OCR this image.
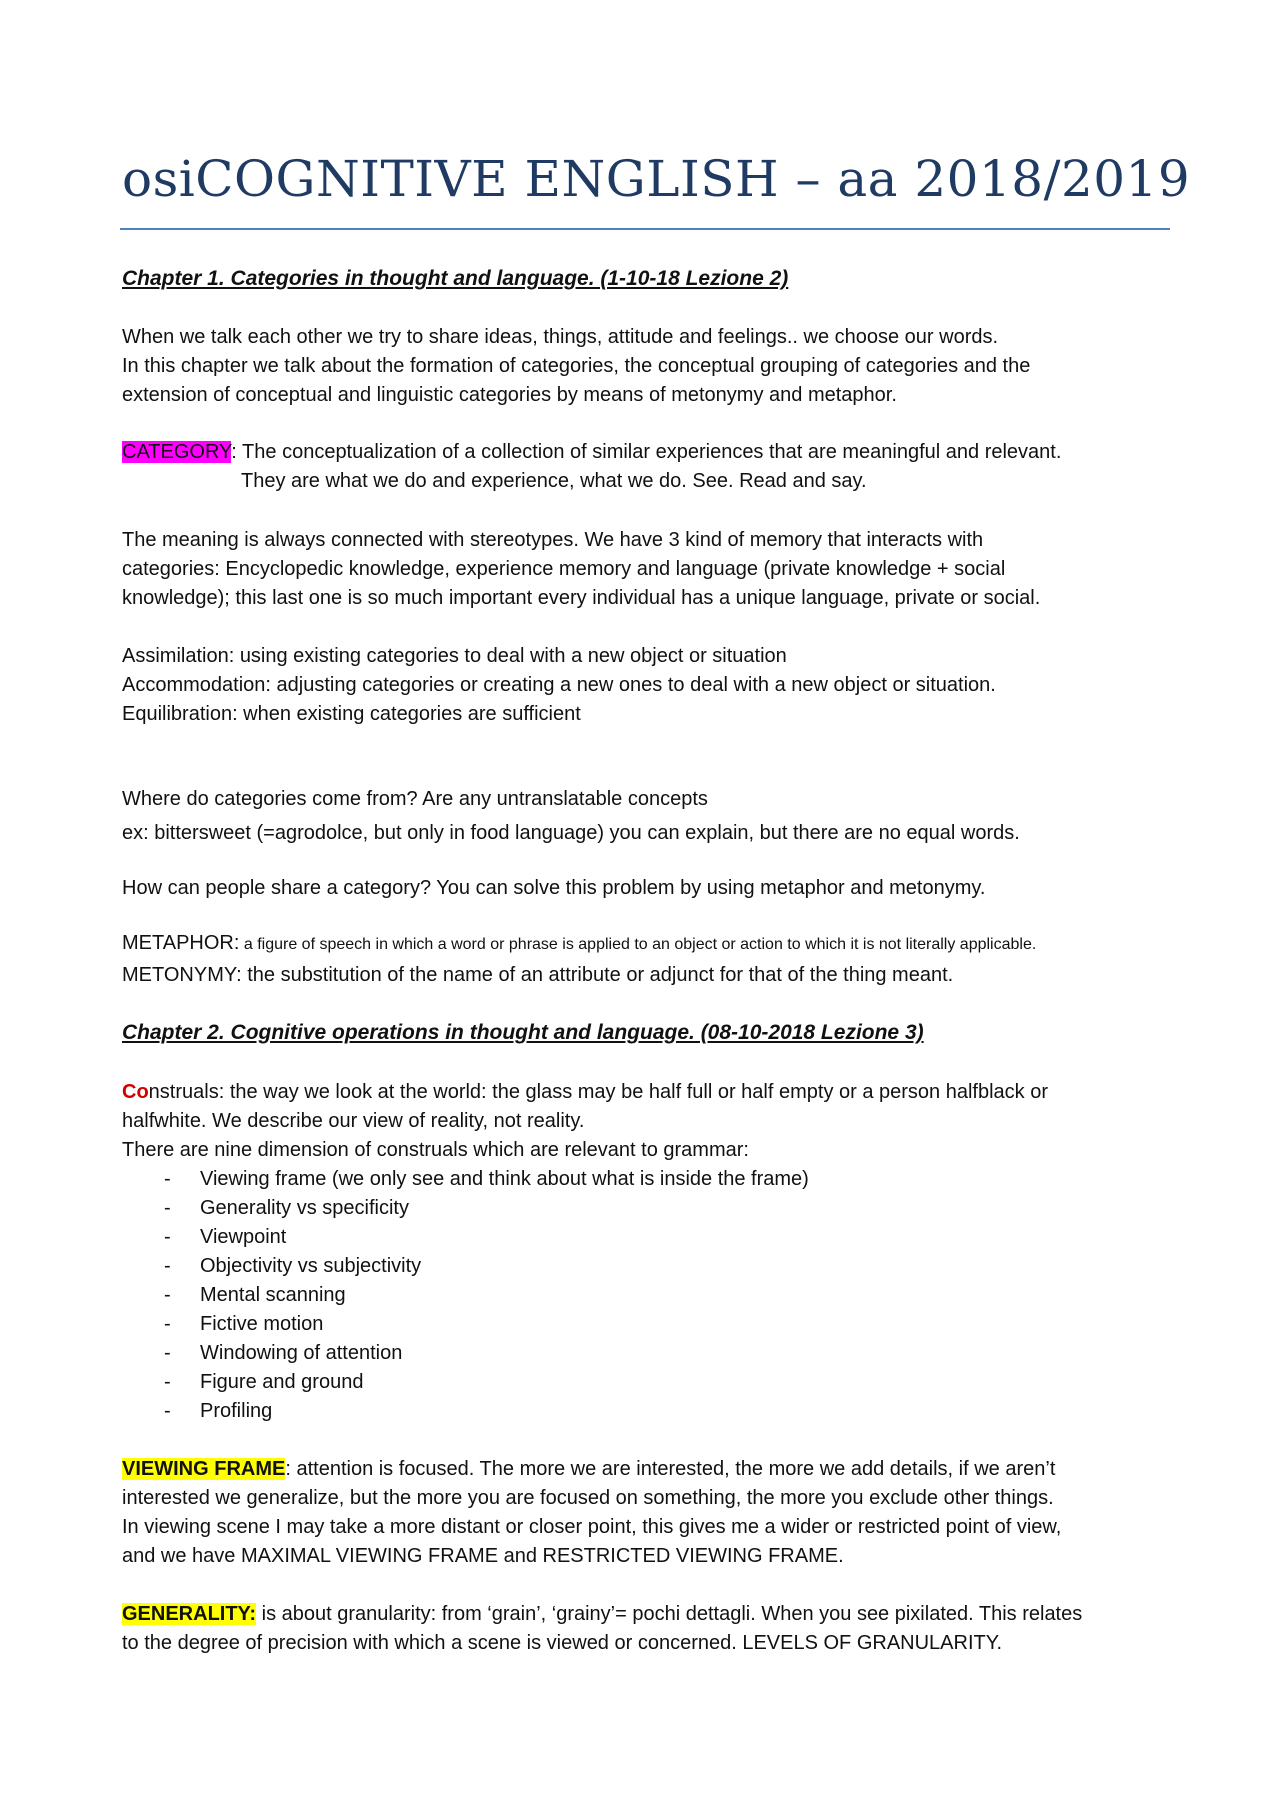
osiCOGNITIVE ENGLISH – aa 2018/2019

Chapter 1. Categories in thought and language. (1-10-18 Lezione 2)

When we talk each other we try to share ideas, things, attitude and feelings.. we choose our words.
In this chapter we talk about the formation of categories, the conceptual grouping of categories and the
extension of conceptual and linguistic categories by means of metonymy and metaphor.

CATEGORY: The conceptualization of a collection of similar experiences that are meaningful and relevant.
They are what we do and experience, what we do. See. Read and say.

The meaning is always connected with stereotypes. We have 3 kind of memory that interacts with
categories: Encyclopedic knowledge, experience memory and language (private knowledge + social
knowledge); this last one is so much important every individual has a unique language, private or social.

Assimilation: using existing categories to deal with a new object or situation
Accommodation: adjusting categories or creating a new ones to deal with a new object or situation.
Equilibration: when existing categories are sufficient

Where do categories come from? Are any untranslatable concepts

ex: bittersweet (=agrodolce, but only in food language) you can explain, but there are no equal words.

How can people share a category? You can solve this problem by using metaphor and metonymy.

METAPHOR: a figure of speech in which a word or phrase is applied to an object or action to which it is not literally applicable.

METONYMY: the substitution of the name of an attribute or adjunct for that of the thing meant.

Chapter 2. Cognitive operations in thought and language. (08-10-2018 Lezione 3)

Construals: the way we look at the world: the glass may be half full or half empty or a person halfblack or
halfwhite. We describe our view of reality, not reality.
There are nine dimension of construals which are relevant to grammar:

- Viewing frame (we only see and think about what is inside the frame)
- Generality vs specificity
- Viewpoint
- Objectivity vs subjectivity
- Mental scanning
- Fictive motion
- Windowing of attention
- Figure and ground
- Profiling

VIEWING FRAME: attention is focused. The more we are interested, the more we add details, if we aren’t
interested we generalize, but the more you are focused on something, the more you exclude other things.
In viewing scene I may take a more distant or closer point, this gives me a wider or restricted point of view,
and we have MAXIMAL VIEWING FRAME and RESTRICTED VIEWING FRAME.

GENERALITY: is about granularity: from ‘grain’, ‘grainy’= pochi dettagli. When you see pixilated. This relates
to the degree of precision with which a scene is viewed or concerned. LEVELS OF GRANULARITY.
